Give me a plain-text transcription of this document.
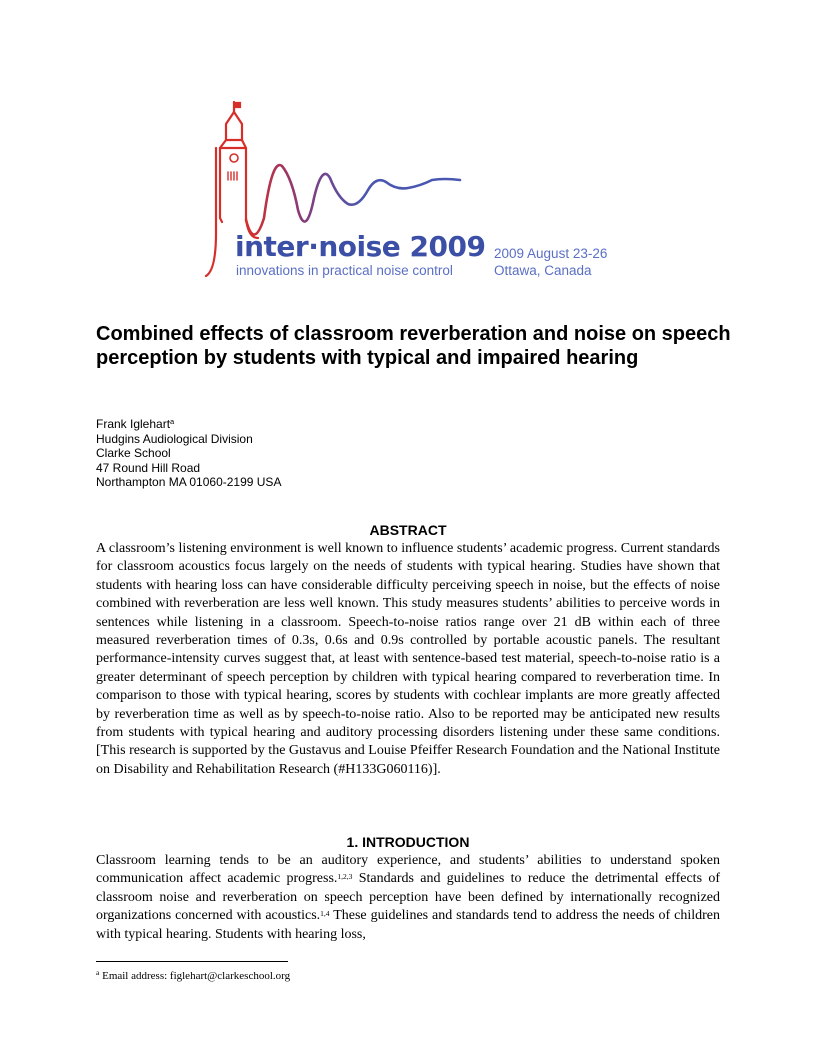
inter·noise 2009
innovations in practical noise control
2009 August 23-26
Ottawa, Canada
Combined effects of classroom reverberation and noise on speech perception by students with typical and impaired hearing
Frank Iglehart$^a$
Hudgins Audiological Division
Clarke School
47 Round Hill Road
Northampton MA 01060-2199 USA
ABSTRACT

A classroom’s listening environment is well known to influence students’ academic progress. Current standards for classroom acoustics focus largely on the needs of students with typical hearing. Studies have shown that students with hearing loss can have considerable difficulty perceiving speech in noise, but the effects of noise combined with reverberation are less well known. This study measures students’ abilities to perceive words in sentences while listening in a classroom. Speech-to-noise ratios range over 21 dB within each of three measured reverberation times of 0.3s, 0.6s and 0.9s controlled by portable acoustic panels. The resultant performance-intensity curves suggest that, at least with sentence-based test material, speech-to-noise ratio is a greater determinant of speech perception by children with typical hearing compared to reverberation time. In comparison to those with typical hearing, scores by students with cochlear implants are more greatly affected by reverberation time as well as by speech-to-noise ratio. Also to be reported may be anticipated new results from students with typical hearing and auditory processing disorders listening under these same conditions. [This research is supported by the Gustavus and Louise Pfeiffer Research Foundation and the National Institute on Disability and Rehabilitation Research (#H133G060116)].

1. INTRODUCTION

Classroom learning tends to be an auditory experience, and students’ abilities to understand spoken communication affect academic progress.$^{1,2,3}$ Standards and guidelines to reduce the detrimental effects of classroom noise and reverberation on speech perception have been defined by internationally recognized organizations concerned with acoustics.$^{1,4}$ These guidelines and standards tend to address the needs of children with typical hearing. Students with hearing loss,

$^a$ Email address: figlehart@clarkeschool.org
